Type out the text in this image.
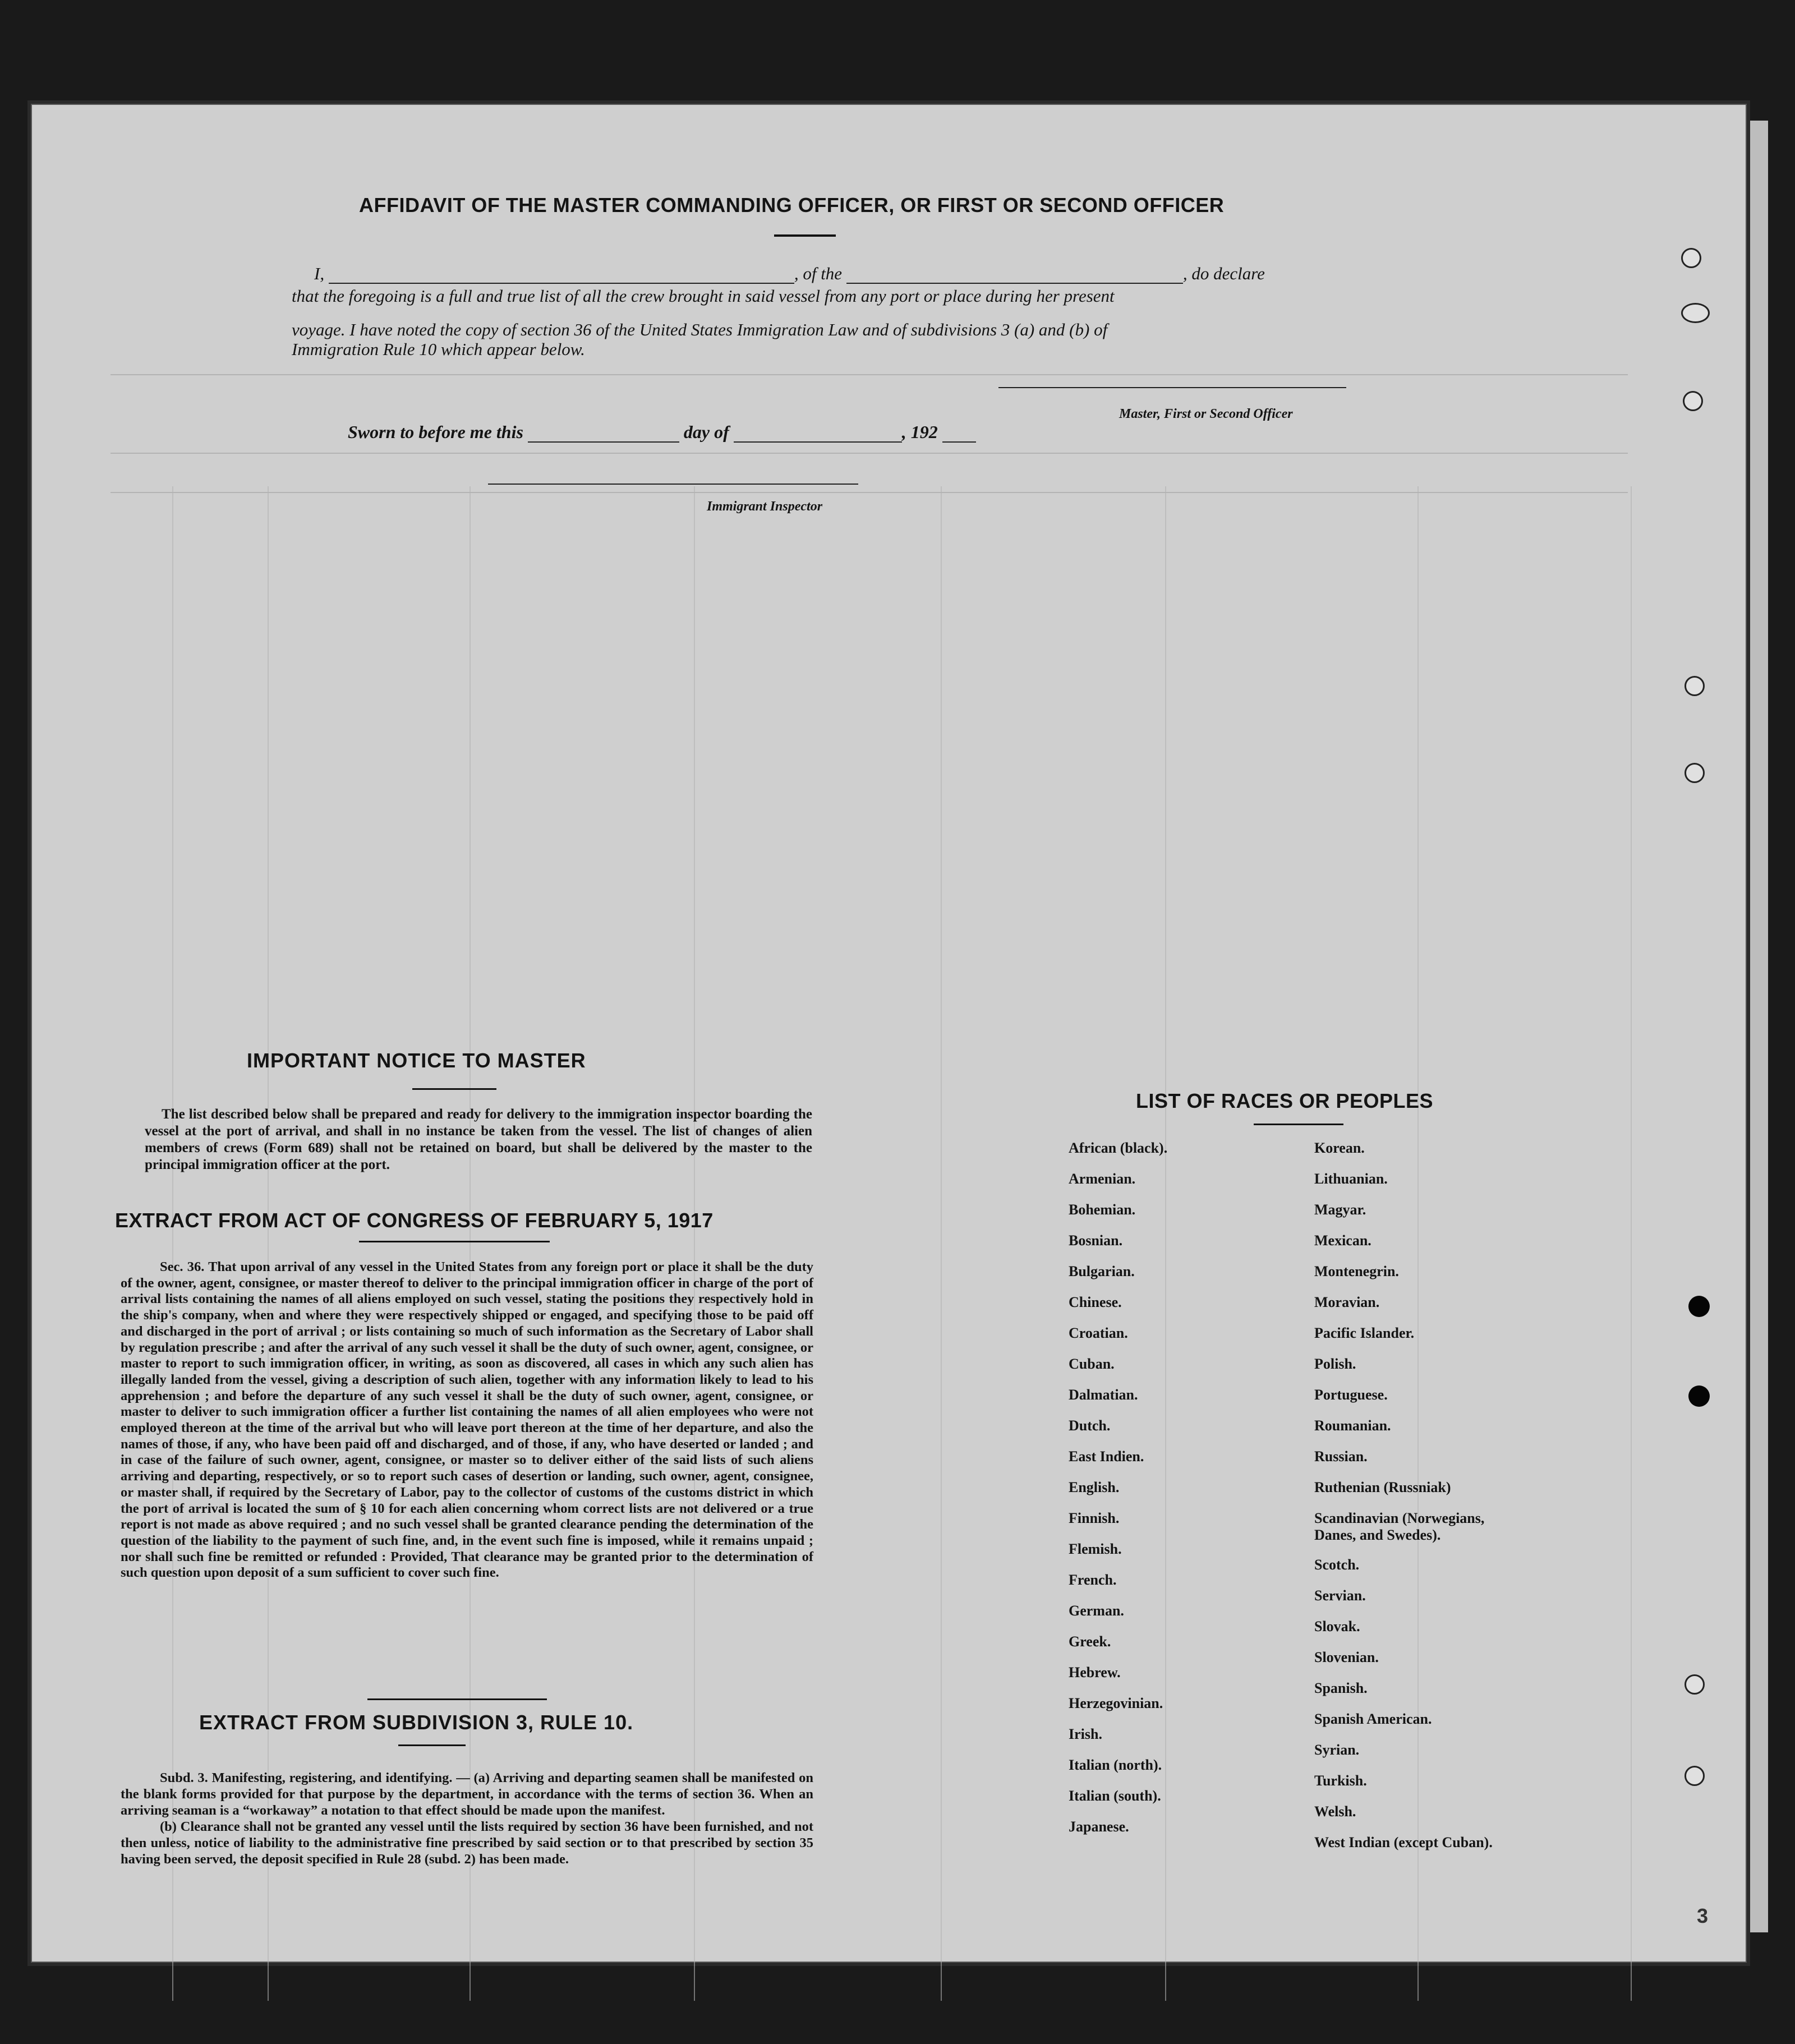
AFFIDAVIT OF THE MASTER COMMANDING OFFICER, OR FIRST OR SECOND OFFICER
I,	, of the	, do declare
that the foregoing is a full and true list of all the crew brought in said vessel from any port or place during her present
voyage. I have noted the copy of section 36 of the United States Immigration Law and of subdivisions 3 (a) and (b) of
Immigration Rule 10 which appear below.
Master, First or Second Officer
Sworn to before me this	day of	, 192
Immigrant Inspector
IMPORTANT NOTICE TO MASTER
The list described below shall be prepared and ready for delivery to the immigration inspector boarding the vessel at the port of arrival, and shall in no instance be taken from the vessel. The list of changes of alien members of crews (Form 689) shall not be retained on board, but shall be delivered by the master to the principal immigration officer at the port.
EXTRACT FROM ACT OF CONGRESS OF FEBRUARY 5, 1917
Sec. 36. That upon arrival of any vessel in the United States from any foreign port or place it shall be the duty of the owner, agent, consignee, or master thereof to deliver to the principal immigration officer in charge of the port of arrival lists containing the names of all aliens employed on such vessel, stating the positions they respectively hold in the ship's company, when and where they were respectively shipped or engaged, and specifying those to be paid off and discharged in the port of arrival ; or lists containing so much of such information as the Secretary of Labor shall by regulation prescribe ; and after the arrival of any such vessel it shall be the duty of such owner, agent, consignee, or master to report to such immigration officer, in writing, as soon as discovered, all cases in which any such alien has illegally landed from the vessel, giving a description of such alien, together with any information likely to lead to his apprehension ; and before the departure of any such vessel it shall be the duty of such owner, agent, consignee, or master to deliver to such immigration officer a further list containing the names of all alien employees who were not employed thereon at the time of the arrival but who will leave port thereon at the time of her departure, and also the names of those, if any, who have been paid off and discharged, and of those, if any, who have deserted or landed ; and in case of the failure of such owner, agent, consignee, or master so to deliver either of the said lists of such aliens arriving and departing, respectively, or so to report such cases of desertion or landing, such owner, agent, consignee, or master shall, if required by the Secretary of Labor, pay to the collector of customs of the customs district in which the port of arrival is located the sum of § 10 for each alien concerning whom correct lists are not delivered or a true report is not made as above required ; and no such vessel shall be granted clearance pending the determination of the question of the liability to the payment of such fine, and, in the event such fine is imposed, while it remains unpaid ; nor shall such fine be remitted or refunded : Provided, That clearance may be granted prior to the determination of such question upon deposit of a sum sufficient to cover such fine.
EXTRACT FROM SUBDIVISION 3, RULE 10.

Subd. 3. Manifesting, registering, and identifying. — (a) Arriving and departing seamen shall be manifested on the blank forms provided for that purpose by the department, in accordance with the terms of section 36. When an arriving seaman is a “workaway” a notation to that effect should be made upon the manifest.

(b) Clearance shall not be granted any vessel until the lists required by section 36 have been furnished, and not then unless, notice of liability to the administrative fine prescribed by said section or to that prescribed by section 35 having been served, the deposit specified in Rule 28 (subd. 2) has been made.

LIST OF RACES OR PEOPLES
African (black).
Armenian.
Bohemian.
Bosnian.
Bulgarian.
Chinese.
Croatian.
Cuban.
Dalmatian.
Dutch.
East Indien.
English.
Finnish.
Flemish.
French.
German.
Greek.
Hebrew.
Herzegovinian.
Irish.
Italian (north).
Italian (south).
Japanese.
Korean.
Lithuanian.
Magyar.
Mexican.
Montenegrin.
Moravian.
Pacific Islander.
Polish.
Portuguese.
Roumanian.
Russian.
Ruthenian (Russniak)
Scandinavian (Norwegians, Danes, and Swedes).
Scotch.
Servian.
Slovak.
Slovenian.
Spanish.
Spanish American.
Syrian.
Turkish.
Welsh.
West Indian (except Cuban).
3
